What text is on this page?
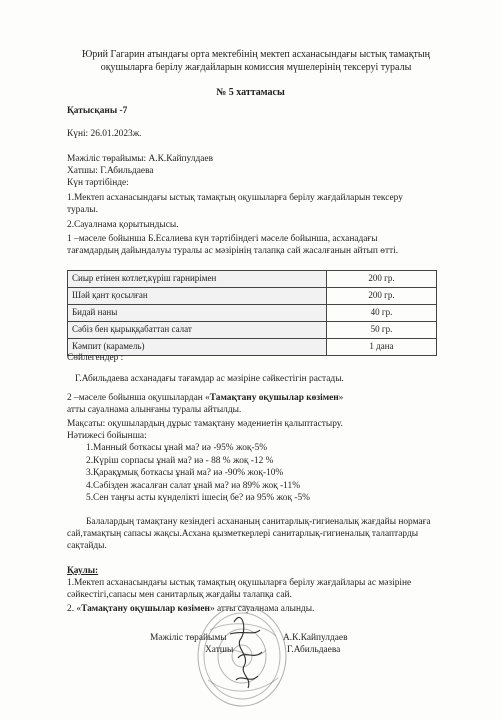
Юрий Гагарин атындағы орта мектебінің мектеп асханасындағы ыстық тамақтың оқушыларға берілу жағдайларын комиссия мүшелерінің тексеруі туралы
№ 5 хаттамасы
Қатысқаны -7
Күні: 26.01.2023ж.
Мәжіліс төрайымы: А.К.Кайпулдаев
Хатшы: Г.Абильдаева
Күн тәртібінде:
1.Мектеп асханасындағы ыстық тамақтың оқушыларға берілу жағдайларын тексеру
туралы.
2.Сауалнама қорытындысы.
1 –мәселе бойынша Б.Есалиева күн тәртібіндегі мәселе бойынша, асханадағы
тағамдардың дайындалуы туралы ас мәзірінің талапқа сай жасалғанын айтып өтті.
Сиыр етінен котлет,күріш гарнирімен	200 гр.
Шәй қант қосылған	200 гр.
Бидай наны	40 гр.
Сәбіз бен қырыққабаттан салат	50 гр.
Кәмпит (карамель)	1 дана
Сөйлегендер :
Г.Абильдаева асханадағы тағамдар ас мәзіріне сәйкестігін растады.
2 –мәселе бойынша оқушылардан «Тамақтану оқушылар көзімен»
атты сауалнама алынғаны туралы айтылды.
Мақсаты: оқушылардың дұрыс тамақтану мәдениетін қалыптастыру.
Нәтижесі бойынша:
1.Манный боткасы ұнай ма? иә -95% жоқ-5%
2.Күріш сорпасы ұнай ма? иә - 88 % жоқ -12 %
3.Қарақұмық боткасы ұнай ма? иә -90% жоқ-10%
4.Сәбізден жасалған салат ұнай ма? иә 89% жоқ -11%
5.Сен таңғы асты күнделікті ішесің бе? иә 95% жоқ -5%
Балалардың тамақтану кезіндегі асхананың санитарлық-гигиеналық жағдайы нормаға
сай,тамақтың сапасы жақсы.Асхана қызметкерлері санитарлық-гигиеналық талаптарды
сақтайды.
Қаулы:
1.Мектеп асханасындағы ыстық тамақтың оқушыларға берілу жағдайлары ас мәзіріне
сәйкестігі,сапасы мен санитарлық жағдайы талапқа сай.
2. «Тамақтану оқушылар көзімен» атты сауалнама алынды.
Мәжіліс төрайымы	А.К.Кайпулдаев
Хатшы	Г.Абильдаева
